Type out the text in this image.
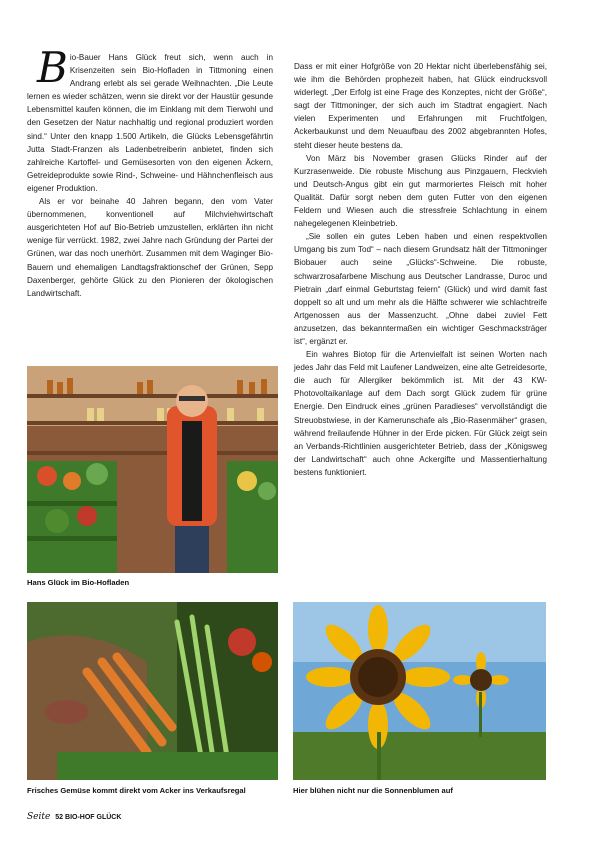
B io-Bauer Hans Glück freut sich, wenn auch in Krisenzeiten sein Bio-Hofladen in Tittmoning einen Andrang erlebt als sei gerade Weihnachten. „Die Leute lernen es wieder schätzen, wenn sie direkt vor der Haustür gesunde Lebensmittel kaufen können, die im Einklang mit dem Tierwohl und den Gesetzen der Natur nachhaltig und regional produziert worden sind.“ Unter den knapp 1.500 Artikeln, die Glücks Lebensgefährtin Jutta Stadt-Franzen als Ladenbetreiberin anbietet, finden sich zahlreiche Kartoffel- und Gemüsesorten von den eigenen Äckern, Getreideprodukte sowie Rind-, Schweine- und Hähnchenfleisch aus eigener Produktion.

Als er vor beinahe 40 Jahren begann, den vom Vater übernommenen, konventionell auf Milchviehwirtschaft ausgerichteten Hof auf Bio-Betrieb umzustellen, erklärten ihn nicht wenige für verrückt. 1982, zwei Jahre nach Gründung der Partei der Grünen, war das noch unerhört. Zusammen mit dem Waginger Bio-Bauern und ehemaligen Landtagsfraktionschef der Grünen, Sepp Daxenberger, gehörte Glück zu den Pionieren der ökologischen Landwirtschaft.

Dass er mit einer Hofgröße von 20 Hektar nicht überlebensfähig sei, wie ihm die Behörden prophezeit haben, hat Glück eindrucksvoll widerlegt. „Der Erfolg ist eine Frage des Konzeptes, nicht der Größe“, sagt der Tittmoninger, der sich auch im Stadtrat engagiert. Nach vielen Experimenten und Erfahrungen mit Fruchtfolgen, Ackerbaukunst und dem Neuaufbau des 2002 abgebrannten Hofes, steht dieser heute bestens da.

Von März bis November grasen Glücks Rinder auf der Kurzrasenweide. Die robuste Mischung aus Pinzgauern, Fleckvieh und Deutsch-Angus gibt ein gut marmoriertes Fleisch mit hoher Qualität. Dafür sorgt neben dem guten Futter von den eigenen Feldern und Wiesen auch die stressfreie Schlachtung in einem nahegelegenen Kleinbetrieb.

„Sie sollen ein gutes Leben haben und einen respektvollen Umgang bis zum Tod“ – nach diesem Grundsatz hält der Tittmoninger Biobauer auch seine „Glücks“-Schweine. Die robuste, schwarzrosafarbene Mischung aus Deutscher Landrasse, Duroc und Pietrain „darf einmal Geburtstag feiern“ (Glück) und wird damit fast doppelt so alt und um mehr als die Hälfte schwerer wie schlachtreife Artgenossen aus der Massenzucht. „Ohne dabei zuviel Fett anzusetzen, das bekanntermaßen ein wichtiger Geschmacksträger ist“, ergänzt er.

Ein wahres Biotop für die Artenvielfalt ist seinen Worten nach jedes Jahr das Feld mit Laufener Landweizen, eine alte Getreidesorte, die auch für Allergiker bekömmlich ist. Mit der 43 KW-Photovoltaikanlage auf dem Dach sorgt Glück zudem für grüne Energie. Den Eindruck eines „grünen Paradieses“ vervollständigt die Streuobstwiese, in der Kamerunschafe als „Bio-Rasenmäher“ grasen, während freilaufende Hühner in der Erde picken. Für Glück zeigt sein an Verbands-Richtlinien ausgerichteter Betrieb, dass der „Königsweg der Landwirtschaft“ auch ohne Ackergifte und Massentierhaltung bestens funktioniert.

Hans Glück im Bio-Hofladen
Frisches Gemüse kommt direkt vom Acker ins Verkaufsregal	Hier blühen nicht nur die Sonnenblumen auf
Seite 52 BIO-HOF GLÜCK
